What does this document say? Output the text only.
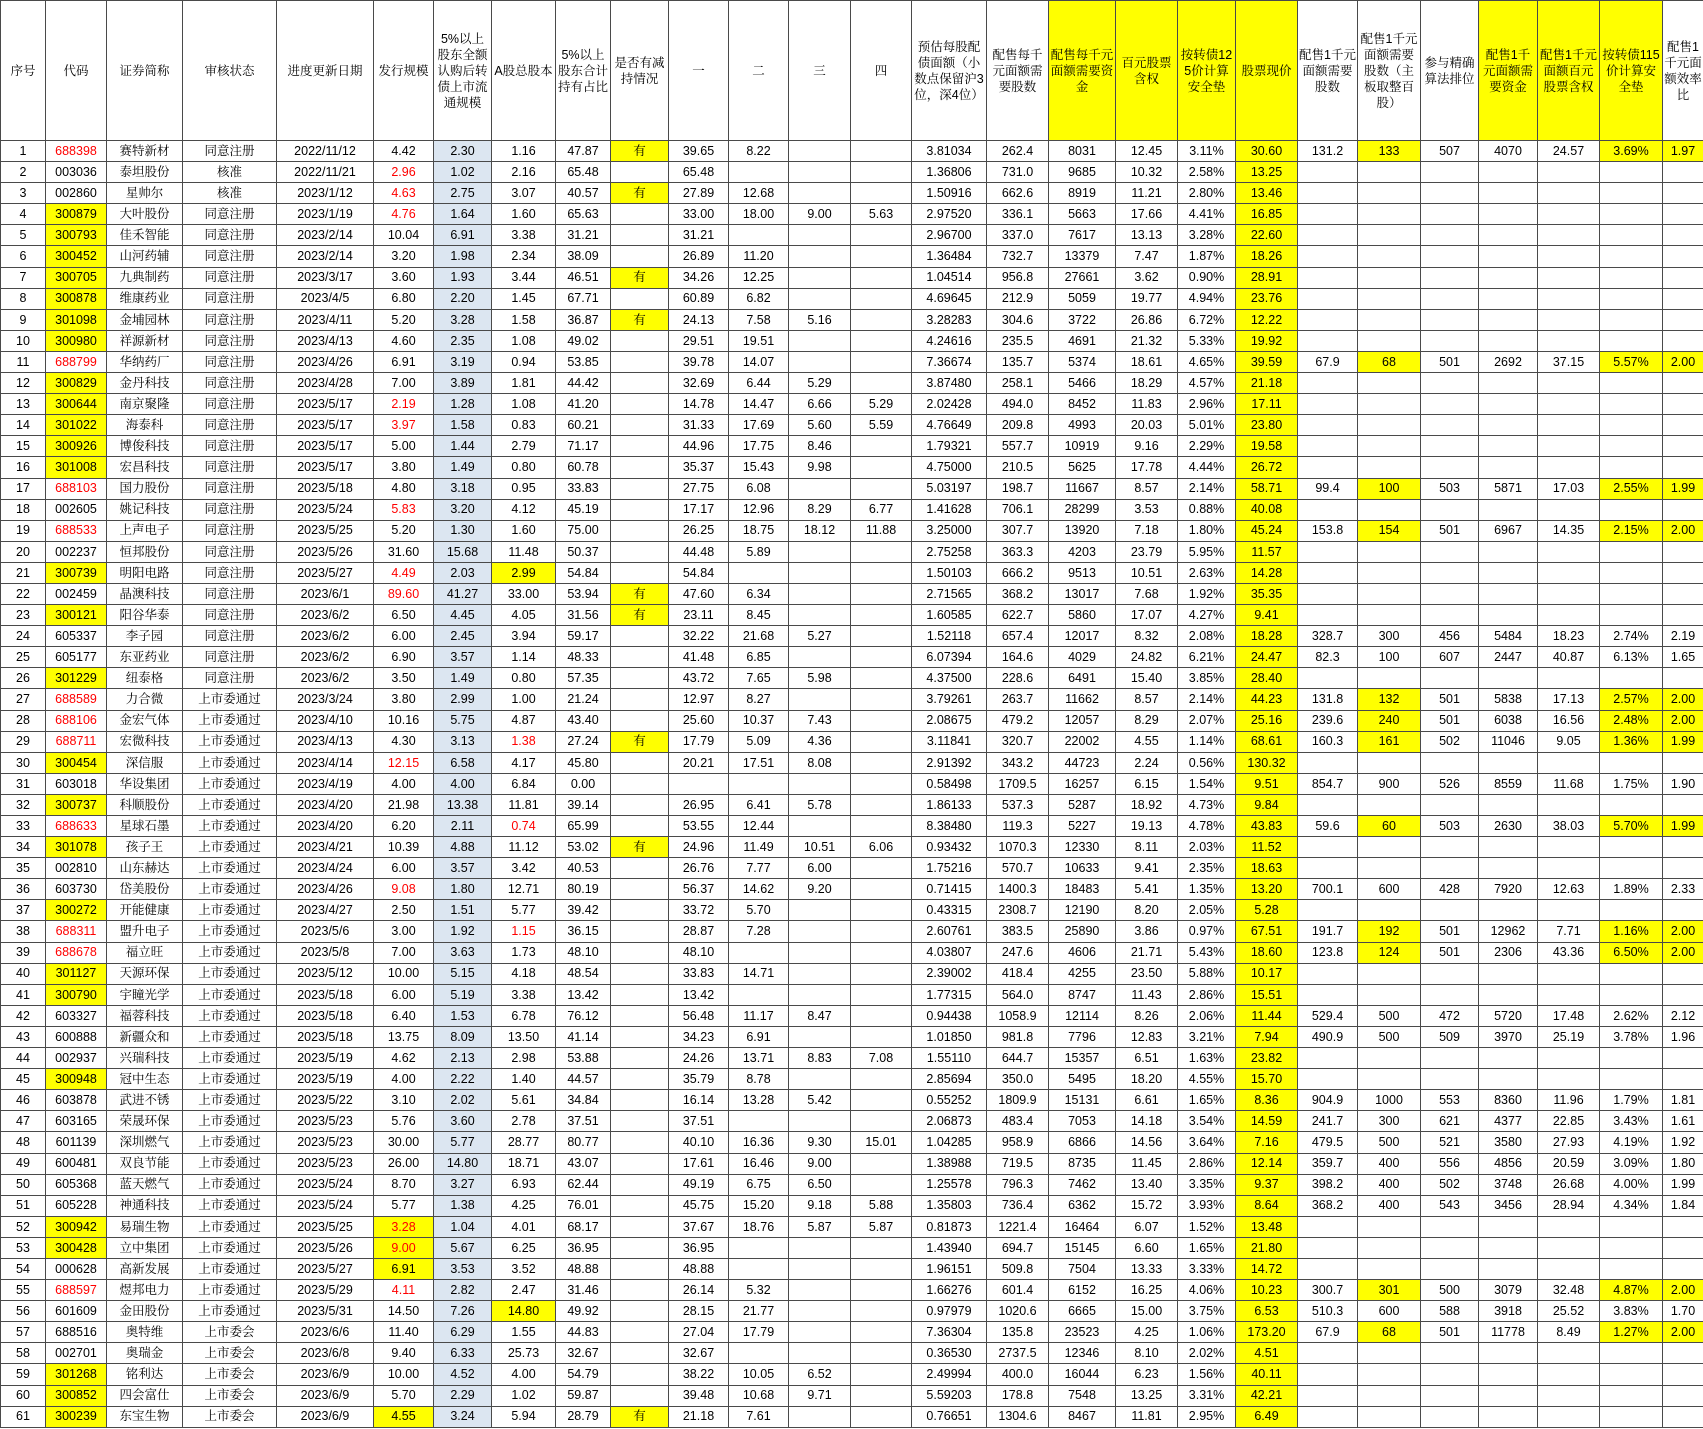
序号	代码	证券简称	审核状态	进度更新日期	发行规模	5%以上股东全额认购后转债上市流通规模	A股总股本	5%以上股东合计持有占比	是否有减持情况	一	二	三	四	预估每股配债面额（小数点保留沪3位，深4位）	配售每千元面额需要股数	配售每千元面额需要资金	百元股票含权	按转债125价计算安全垫	股票现价	配售1千元面额需要股数	配售1千元面额需要股数（主板取整百股）	参与精确算法排位	配售1千元面额需要资金	配售1千元面额百元股票含权	按转债115价计算安全垫	配售1千元面额效率比
1	688398	赛特新材	同意注册	2022/11/12	4.42	2.30	1.16	47.87	有	39.65	8.22			3.81034	262.4	8031	12.45	3.11%	30.60	131.2	133	507	4070	24.57	3.69%	1.97
2	003036	泰坦股份	核准	2022/11/21	2.96	1.02	2.16	65.48		65.48				1.36806	731.0	9685	10.32	2.58%	13.25							
3	002860	星帅尔	核准	2023/1/12	4.63	2.75	3.07	40.57	有	27.89	12.68			1.50916	662.6	8919	11.21	2.80%	13.46							
4	300879	大叶股份	同意注册	2023/1/19	4.76	1.64	1.60	65.63		33.00	18.00	9.00	5.63	2.97520	336.1	5663	17.66	4.41%	16.85							
5	300793	佳禾智能	同意注册	2023/2/14	10.04	6.91	3.38	31.21		31.21				2.96700	337.0	7617	13.13	3.28%	22.60							
6	300452	山河药辅	同意注册	2023/2/14	3.20	1.98	2.34	38.09		26.89	11.20			1.36484	732.7	13379	7.47	1.87%	18.26							
7	300705	九典制药	同意注册	2023/3/17	3.60	1.93	3.44	46.51	有	34.26	12.25			1.04514	956.8	27661	3.62	0.90%	28.91							
8	300878	维康药业	同意注册	2023/4/5	6.80	2.20	1.45	67.71		60.89	6.82			4.69645	212.9	5059	19.77	4.94%	23.76							
9	301098	金埔园林	同意注册	2023/4/11	5.20	3.28	1.58	36.87	有	24.13	7.58	5.16		3.28283	304.6	3722	26.86	6.72%	12.22							
10	300980	祥源新材	同意注册	2023/4/13	4.60	2.35	1.08	49.02		29.51	19.51			4.24616	235.5	4691	21.32	5.33%	19.92							
11	688799	华纳药厂	同意注册	2023/4/26	6.91	3.19	0.94	53.85		39.78	14.07			7.36674	135.7	5374	18.61	4.65%	39.59	67.9	68	501	2692	37.15	5.57%	2.00
12	300829	金丹科技	同意注册	2023/4/28	7.00	3.89	1.81	44.42		32.69	6.44	5.29		3.87480	258.1	5466	18.29	4.57%	21.18							
13	300644	南京聚隆	同意注册	2023/5/17	2.19	1.28	1.08	41.20		14.78	14.47	6.66	5.29	2.02428	494.0	8452	11.83	2.96%	17.11							
14	301022	海泰科	同意注册	2023/5/17	3.97	1.58	0.83	60.21		31.33	17.69	5.60	5.59	4.76649	209.8	4993	20.03	5.01%	23.80							
15	300926	博俊科技	同意注册	2023/5/17	5.00	1.44	2.79	71.17		44.96	17.75	8.46		1.79321	557.7	10919	9.16	2.29%	19.58							
16	301008	宏昌科技	同意注册	2023/5/17	3.80	1.49	0.80	60.78		35.37	15.43	9.98		4.75000	210.5	5625	17.78	4.44%	26.72							
17	688103	国力股份	同意注册	2023/5/18	4.80	3.18	0.95	33.83		27.75	6.08			5.03197	198.7	11667	8.57	2.14%	58.71	99.4	100	503	5871	17.03	2.55%	1.99
18	002605	姚记科技	同意注册	2023/5/24	5.83	3.20	4.12	45.19		17.17	12.96	8.29	6.77	1.41628	706.1	28299	3.53	0.88%	40.08							
19	688533	上声电子	同意注册	2023/5/25	5.20	1.30	1.60	75.00		26.25	18.75	18.12	11.88	3.25000	307.7	13920	7.18	1.80%	45.24	153.8	154	501	6967	14.35	2.15%	2.00
20	002237	恒邦股份	同意注册	2023/5/26	31.60	15.68	11.48	50.37		44.48	5.89			2.75258	363.3	4203	23.79	5.95%	11.57							
21	300739	明阳电路	同意注册	2023/5/27	4.49	2.03	2.99	54.84		54.84				1.50103	666.2	9513	10.51	2.63%	14.28							
22	002459	晶澳科技	同意注册	2023/6/1	89.60	41.27	33.00	53.94	有	47.60	6.34			2.71565	368.2	13017	7.68	1.92%	35.35							
23	300121	阳谷华泰	同意注册	2023/6/2	6.50	4.45	4.05	31.56	有	23.11	8.45			1.60585	622.7	5860	17.07	4.27%	9.41							
24	605337	李子园	同意注册	2023/6/2	6.00	2.45	3.94	59.17		32.22	21.68	5.27		1.52118	657.4	12017	8.32	2.08%	18.28	328.7	300	456	5484	18.23	2.74%	2.19
25	605177	东亚药业	同意注册	2023/6/2	6.90	3.57	1.14	48.33		41.48	6.85			6.07394	164.6	4029	24.82	6.21%	24.47	82.3	100	607	2447	40.87	6.13%	1.65
26	301229	纽泰格	同意注册	2023/6/2	3.50	1.49	0.80	57.35		43.72	7.65	5.98		4.37500	228.6	6491	15.40	3.85%	28.40							
27	688589	力合微	上市委通过	2023/3/24	3.80	2.99	1.00	21.24		12.97	8.27			3.79261	263.7	11662	8.57	2.14%	44.23	131.8	132	501	5838	17.13	2.57%	2.00
28	688106	金宏气体	上市委通过	2023/4/10	10.16	5.75	4.87	43.40		25.60	10.37	7.43		2.08675	479.2	12057	8.29	2.07%	25.16	239.6	240	501	6038	16.56	2.48%	2.00
29	688711	宏微科技	上市委通过	2023/4/13	4.30	3.13	1.38	27.24	有	17.79	5.09	4.36		3.11841	320.7	22002	4.55	1.14%	68.61	160.3	161	502	11046	9.05	1.36%	1.99
30	300454	深信服	上市委通过	2023/4/14	12.15	6.58	4.17	45.80		20.21	17.51	8.08		2.91392	343.2	44723	2.24	0.56%	130.32							
31	603018	华设集团	上市委通过	2023/4/19	4.00	4.00	6.84	0.00						0.58498	1709.5	16257	6.15	1.54%	9.51	854.7	900	526	8559	11.68	1.75%	1.90
32	300737	科顺股份	上市委通过	2023/4/20	21.98	13.38	11.81	39.14		26.95	6.41	5.78		1.86133	537.3	5287	18.92	4.73%	9.84							
33	688633	星球石墨	上市委通过	2023/4/20	6.20	2.11	0.74	65.99		53.55	12.44			8.38480	119.3	5227	19.13	4.78%	43.83	59.6	60	503	2630	38.03	5.70%	1.99
34	301078	孩子王	上市委通过	2023/4/21	10.39	4.88	11.12	53.02	有	24.96	11.49	10.51	6.06	0.93432	1070.3	12330	8.11	2.03%	11.52							
35	002810	山东赫达	上市委通过	2023/4/24	6.00	3.57	3.42	40.53		26.76	7.77	6.00		1.75216	570.7	10633	9.41	2.35%	18.63							
36	603730	岱美股份	上市委通过	2023/4/26	9.08	1.80	12.71	80.19		56.37	14.62	9.20		0.71415	1400.3	18483	5.41	1.35%	13.20	700.1	600	428	7920	12.63	1.89%	2.33
37	300272	开能健康	上市委通过	2023/4/27	2.50	1.51	5.77	39.42		33.72	5.70			0.43315	2308.7	12190	8.20	2.05%	5.28							
38	688311	盟升电子	上市委通过	2023/5/6	3.00	1.92	1.15	36.15		28.87	7.28			2.60761	383.5	25890	3.86	0.97%	67.51	191.7	192	501	12962	7.71	1.16%	2.00
39	688678	福立旺	上市委通过	2023/5/8	7.00	3.63	1.73	48.10		48.10				4.03807	247.6	4606	21.71	5.43%	18.60	123.8	124	501	2306	43.36	6.50%	2.00
40	301127	天源环保	上市委通过	2023/5/12	10.00	5.15	4.18	48.54		33.83	14.71			2.39002	418.4	4255	23.50	5.88%	10.17							
41	300790	宇瞳光学	上市委通过	2023/5/18	6.00	5.19	3.38	13.42		13.42				1.77315	564.0	8747	11.43	2.86%	15.51							
42	603327	福蓉科技	上市委通过	2023/5/18	6.40	1.53	6.78	76.12		56.48	11.17	8.47		0.94438	1058.9	12114	8.26	2.06%	11.44	529.4	500	472	5720	17.48	2.62%	2.12
43	600888	新疆众和	上市委通过	2023/5/18	13.75	8.09	13.50	41.14		34.23	6.91			1.01850	981.8	7796	12.83	3.21%	7.94	490.9	500	509	3970	25.19	3.78%	1.96
44	002937	兴瑞科技	上市委通过	2023/5/19	4.62	2.13	2.98	53.88		24.26	13.71	8.83	7.08	1.55110	644.7	15357	6.51	1.63%	23.82							
45	300948	冠中生态	上市委通过	2023/5/19	4.00	2.22	1.40	44.57		35.79	8.78			2.85694	350.0	5495	18.20	4.55%	15.70							
46	603878	武进不锈	上市委通过	2023/5/22	3.10	2.02	5.61	34.84		16.14	13.28	5.42		0.55252	1809.9	15131	6.61	1.65%	8.36	904.9	1000	553	8360	11.96	1.79%	1.81
47	603165	荣晟环保	上市委通过	2023/5/23	5.76	3.60	2.78	37.51		37.51				2.06873	483.4	7053	14.18	3.54%	14.59	241.7	300	621	4377	22.85	3.43%	1.61
48	601139	深圳燃气	上市委通过	2023/5/23	30.00	5.77	28.77	80.77		40.10	16.36	9.30	15.01	1.04285	958.9	6866	14.56	3.64%	7.16	479.5	500	521	3580	27.93	4.19%	1.92
49	600481	双良节能	上市委通过	2023/5/23	26.00	14.80	18.71	43.07		17.61	16.46	9.00		1.38988	719.5	8735	11.45	2.86%	12.14	359.7	400	556	4856	20.59	3.09%	1.80
50	605368	蓝天燃气	上市委通过	2023/5/24	8.70	3.27	6.93	62.44		49.19	6.75	6.50		1.25578	796.3	7462	13.40	3.35%	9.37	398.2	400	502	3748	26.68	4.00%	1.99
51	605228	神通科技	上市委通过	2023/5/24	5.77	1.38	4.25	76.01		45.75	15.20	9.18	5.88	1.35803	736.4	6362	15.72	3.93%	8.64	368.2	400	543	3456	28.94	4.34%	1.84
52	300942	易瑞生物	上市委通过	2023/5/25	3.28	1.04	4.01	68.17		37.67	18.76	5.87	5.87	0.81873	1221.4	16464	6.07	1.52%	13.48							
53	300428	立中集团	上市委通过	2023/5/26	9.00	5.67	6.25	36.95		36.95				1.43940	694.7	15145	6.60	1.65%	21.80							
54	000628	高新发展	上市委通过	2023/5/27	6.91	3.53	3.52	48.88		48.88				1.96151	509.8	7504	13.33	3.33%	14.72							
55	688597	煜邦电力	上市委通过	2023/5/29	4.11	2.82	2.47	31.46		26.14	5.32			1.66276	601.4	6152	16.25	4.06%	10.23	300.7	301	500	3079	32.48	4.87%	2.00
56	601609	金田股份	上市委通过	2023/5/31	14.50	7.26	14.80	49.92		28.15	21.77			0.97979	1020.6	6665	15.00	3.75%	6.53	510.3	600	588	3918	25.52	3.83%	1.70
57	688516	奥特维	上市委会	2023/6/6	11.40	6.29	1.55	44.83		27.04	17.79			7.36304	135.8	23523	4.25	1.06%	173.20	67.9	68	501	11778	8.49	1.27%	2.00
58	002701	奥瑞金	上市委会	2023/6/8	9.40	6.33	25.73	32.67		32.67				0.36530	2737.5	12346	8.10	2.02%	4.51							
59	301268	铭利达	上市委会	2023/6/9	10.00	4.52	4.00	54.79		38.22	10.05	6.52		2.49994	400.0	16044	6.23	1.56%	40.11							
60	300852	四会富仕	上市委会	2023/6/9	5.70	2.29	1.02	59.87		39.48	10.68	9.71		5.59203	178.8	7548	13.25	3.31%	42.21							
61	300239	东宝生物	上市委会	2023/6/9	4.55	3.24	5.94	28.79	有	21.18	7.61			0.76651	1304.6	8467	11.81	2.95%	6.49							
